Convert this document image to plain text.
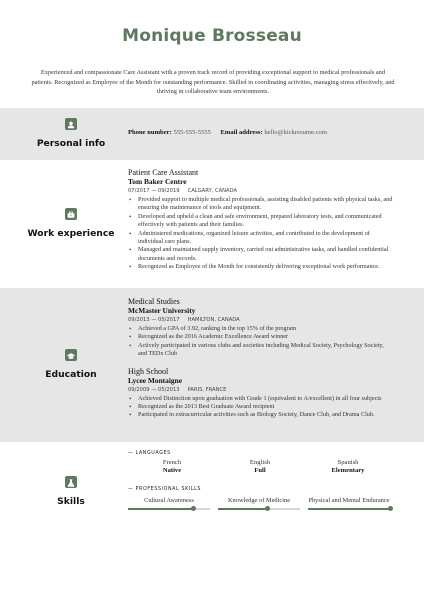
Monique Brosseau
Experienced and compassionate Care Assistant with a proven track record of providing exceptional support to medical professionals and patients. Recognized as Employee of the Month for outstanding performance. Skilled in coordinating activities, managing stress effectively, and thriving in collaborative team environments.
Personal info
Phone number: 555-555-5555 Email address: hello@kickresume.com
Work experience
Patient Care Assistant
Tom Baker Centre
07/2017 — 09/2019 CALGARY, CANADA
• Provided support to multiple medical professionals, assisting disabled patients with physical tasks, and ensuring the maintenance of tools and equipment.
• Developed and upheld a clean and safe environment, prepared laboratory tests, and communicated effectively with patients and their families.
• Administered medications, organized leisure activities, and contributed to the development of individual care plans.
• Managed and maintained supply inventory, carried out administrative tasks, and handled confidential documents and records.
• Recognized as Employee of the Month for consistently delivering exceptional work performance.
Education
Medical Studies
McMaster University
09/2013 — 05/2017 HAMILTON, CANADA
• Achieved a GPA of 3.92, ranking in the top 15% of the program
• Recognized as the 2016 Academic Excellence Award winner
• Actively participated in various clubs and societies including Medical Society, Psychology Society, and TEDx Club
High School
Lycee Montaigne
09/2009 — 05/2013 PARIS, FRANCE
• Achieved Distinction upon graduation with Grade 1 (equivalent to A/excellent) in all four subjects
• Recognized as the 2013 Best Graduate Award recipient
• Participated in extracurricular activities such as Biology Society, Dance Club, and Drama Club.
Skills
— LANGUAGES
French
Native
English
Full
Spanish
Elementary
— PROFESSIONAL SKILLS
Cultural Awareness	Knowledge of Medicine	Physical and Mental Endurance
